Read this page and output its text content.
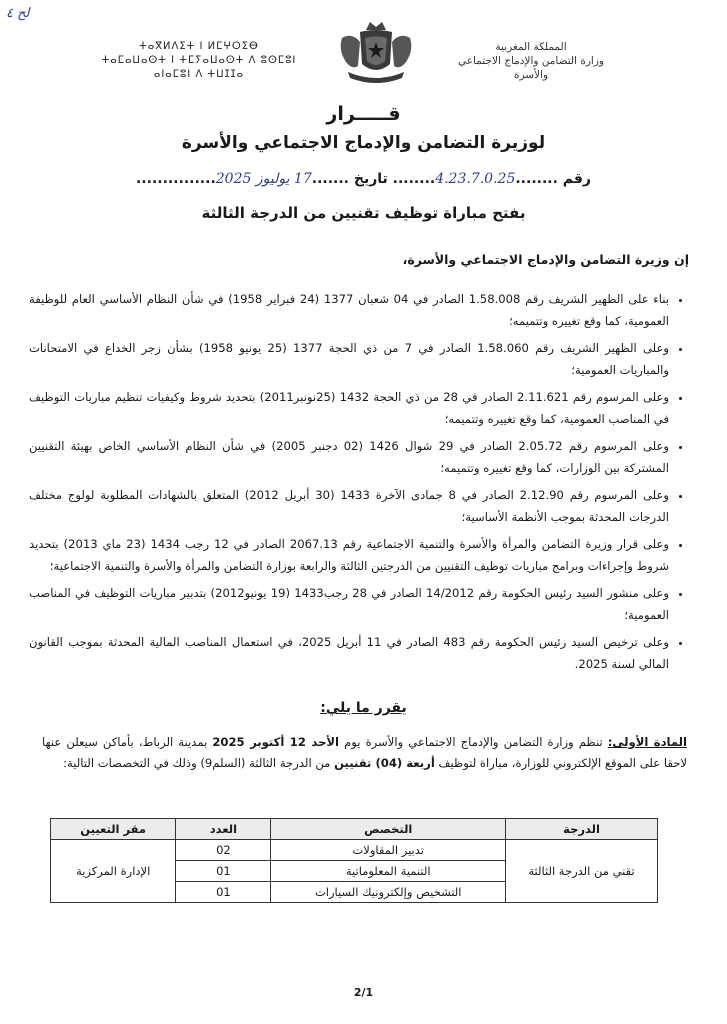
لح ٤
ⵜⴰⴳⵍⴷⵉⵜ ⵏ ⵍⵎⵖⵔⵉⴱ
ⵜⴰⵎⴰⵡⴰⵙⵜ ⵏ ⵜⵎⵢⴰⵡⴰⵙⵜ ⴷ ⵓⵙⵎⵓⵏ
ⴰⵏⴰⵎⵓⵏ ⴷ ⵜⵡⵊⵊⴰ
المملكة المغربية
وزارة التضامن والإدماج الاجتماعي
والأسرة
قـــــرار
لوزيرة التضامن والإدماج الاجتماعي والأسرة
رقم ........4.23.7.0.25........ تاريخ .......17 يوليوز 2025...............
بفتح مباراة توظيف تقنيين من الدرجة الثالثة
إن وزيرة التضامن والإدماج الاجتماعي والأسرة،
• بناء على الظهير الشريف رقم 1.58.008 الصادر في 04 شعبان 1377 (24 فبراير 1958) في شأن النظام الأساسي العام للوظيفة العمومية، كما وقع تغييره وتتميمه؛
• وعلى الظهير الشريف رقم 1.58.060 الصادر في 7 من ذي الحجة 1377 (25 يونيو 1958) بشأن زجر الخداع في الامتحانات والمباريات العمومية؛
• وعلى المرسوم رقم 2.11.621 الصادر في 28 من ذي الحجة 1432 (25نونبر2011) بتحديد شروط وكيفيات تنظيم مباريات التوظيف في المناصب العمومية، كما وقع تغييره وتتميمه؛
• وعلى المرسوم رقم 2.05.72 الصادر في 29 شوال 1426 (02 دجنبر 2005) في شأن النظام الأساسي الخاص بهيئة التقنيين المشتركة بين الوزارات، كما وقع تغييره وتتميمه؛
• وعلى المرسوم رقم 2.12.90 الصادر في 8 جمادى الآخرة 1433 (30 أبريل 2012) المتعلق بالشهادات المطلوبة لولوج مختلف الدرجات المحدثة بموجب الأنظمة الأساسية؛
• وعلى قرار وزيرة التضامن والمرأة والأسرة والتنمية الاجتماعية رقم 2067.13 الصادر في 12 رجب 1434 (23 ماي 2013) بتحديد شروط وإجراءات وبرامج مباريات توظيف التقنيين من الدرجتين الثالثة والرابعة بوزارة التضامن والمرأة والأسرة والتنمية الاجتماعية؛
• وعلى منشور السيد رئيس الحكومة رقم 14/2012 الصادر في 28 رجب1433 (19 يونيو2012) بتدبير مباريات التوظيف في المناصب العمومية؛
• وعلى ترخيص السيد رئيس الحكومة رقم 483 الصادر في 11 أبريل 2025، في استعمال المناصب المالية المحدثة بموجب القانون المالي لسنة 2025.
يقرر ما يلي:
المادة الأولى: تنظم وزارة التضامن والإدماج الاجتماعي والأسرة يوم الأحد 12 أكتوبر 2025 بمدينة الرباط، بأماكن سيعلن عنها لاحقا على الموقع الإلكتروني للوزارة، مباراة لتوظيف أربعة (04) تقنيين من الدرجة الثالثة (السلم9) وذلك في التخصصات التالية:
الدرجة	التخصص	العدد	مقر التعيين
تقني من الدرجة الثالثة	تدبير المقاولات	02	الإدارة المركزية
	التنمية المعلوماتية	01	
	التشخيص وإلكترونيك السيارات	01	
2/1
